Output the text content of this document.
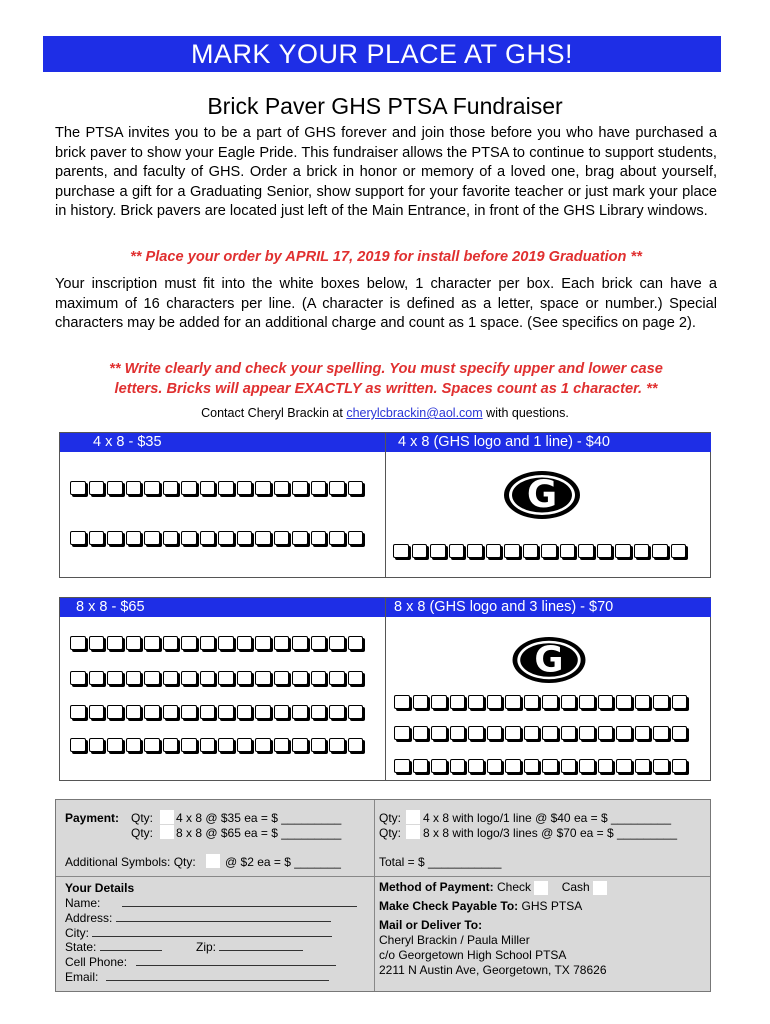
MARK YOUR PLACE AT GHS!
Brick Paver GHS PTSA Fundraiser
The PTSA invites you to be a part of GHS forever and join those before you who have purchased a brick paver to show your Eagle Pride. This fundraiser allows the PTSA to continue to support students, parents, and faculty of GHS. Order a brick in honor or memory of a loved one, brag about yourself, purchase a gift for a Graduating Senior, show support for your favorite teacher or just mark your place in history. Brick pavers are located just left of the Main Entrance, in front of the GHS Library windows.
** Place your order by APRIL 17, 2019 for install before 2019 Graduation **
Your inscription must fit into the white boxes below, 1 character per box. Each brick can have a maximum of 16 characters per line. (A character is defined as a letter, space or number.) Special characters may be added for an additional charge and count as 1 space. (See specifics on page 2).
** Write clearly and check your spelling. You must specify upper and lower case
letters. Bricks will appear EXACTLY as written. Spaces count as 1 character. **
Contact Cheryl Brackin at cherylcbrackin@aol.com with questions.
4 x 8 - $35	4 x 8 (GHS logo and 1 line) - $40
G
8 x 8 - $65	8 x 8 (GHS logo and 3 lines) - $70
G
Payment: Qty: 4 x 8 @ $35 ea = $ _________
Qty: 8 x 8 @ $65 ea = $ _________
Qty: 4 x 8 with logo/1 line @ $40 ea = $ _________
Qty: 8 x 8 with logo/3 lines @ $70 ea = $ _________
Additional Symbols: Qty: @ $2 ea = $ _______	Total = $ ___________
Your Details
Name:
Address:
City:
State:	Zip:
Cell Phone:
Email:
Method of Payment: Check	Cash
Make Check Payable To: GHS PTSA
Mail or Deliver To:
Cheryl Brackin / Paula Miller
c/o Georgetown High School PTSA
2211 N Austin Ave, Georgetown, TX 78626
